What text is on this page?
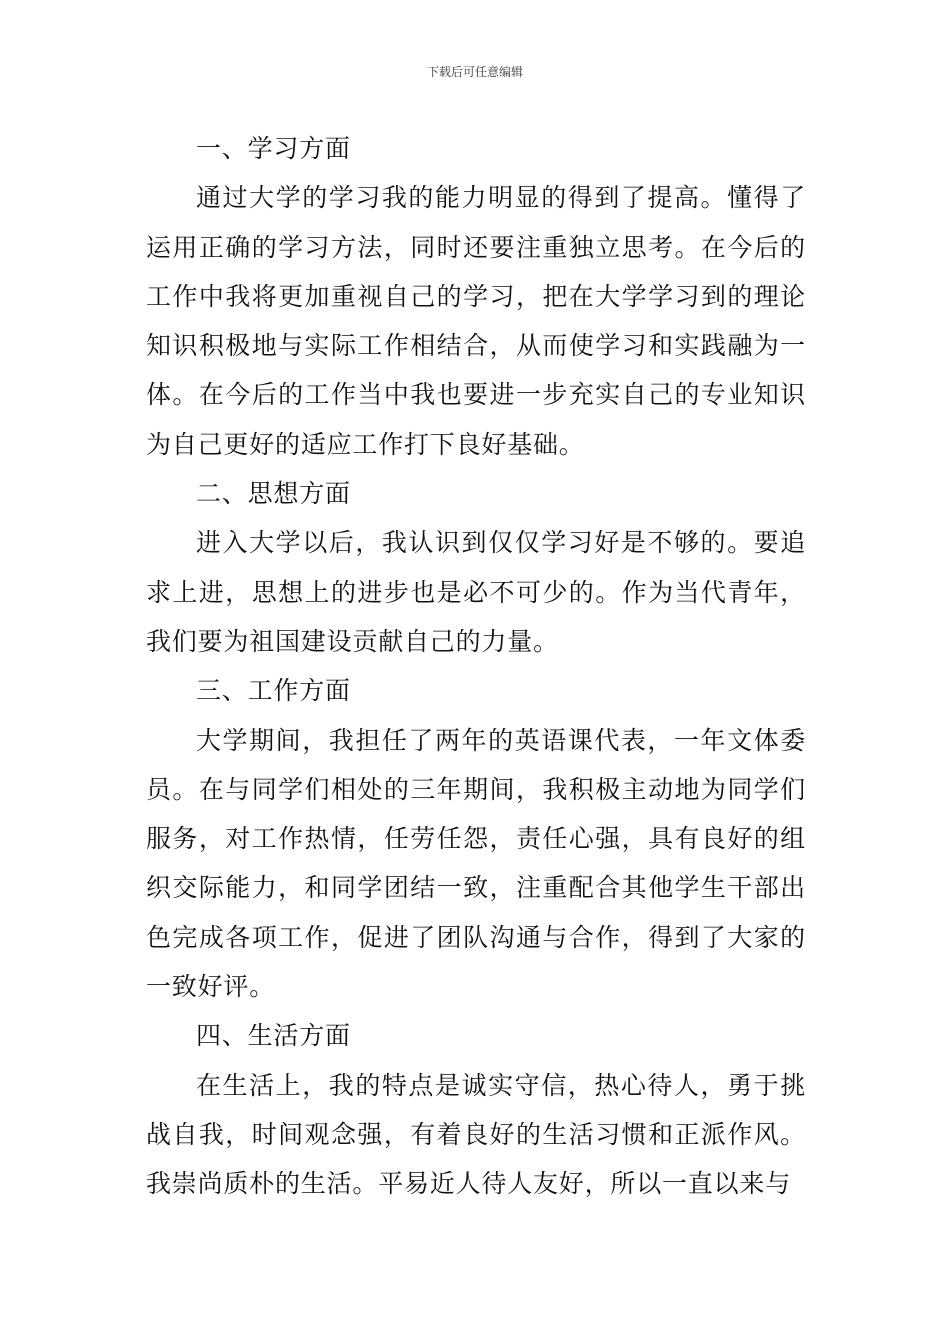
下载后可任意编辑

一、学习方面

通过大学的学习我的能力明显的得到了提高。懂得了运用正确的学习方法，同时还要注重独立思考。在今后的工作中我将更加重视自己的学习，把在大学学习到的理论知识积极地与实际工作相结合，从而使学习和实践融为一体。在今后的工作当中我也要进一步充实自己的专业知识为自己更好的适应工作打下良好基础。

二、思想方面

进入大学以后，我认识到仅仅学习好是不够的。要追求上进，思想上的进步也是必不可少的。作为当代青年，我们要为祖国建设贡献自己的力量。

三、工作方面

大学期间，我担任了两年的英语课代表，一年文体委员。在与同学们相处的三年期间，我积极主动地为同学们服务，对工作热情，任劳任怨，责任心强，具有良好的组织交际能力，和同学团结一致，注重配合其他学生干部出色完成各项工作，促进了团队沟通与合作，得到了大家的一致好评。

四、生活方面

在生活上，我的特点是诚实守信，热心待人，勇于挑战自我，时间观念强，有着良好的生活习惯和正派作风。我崇尚质朴的生活。平易近人待人友好，所以一直以来与
